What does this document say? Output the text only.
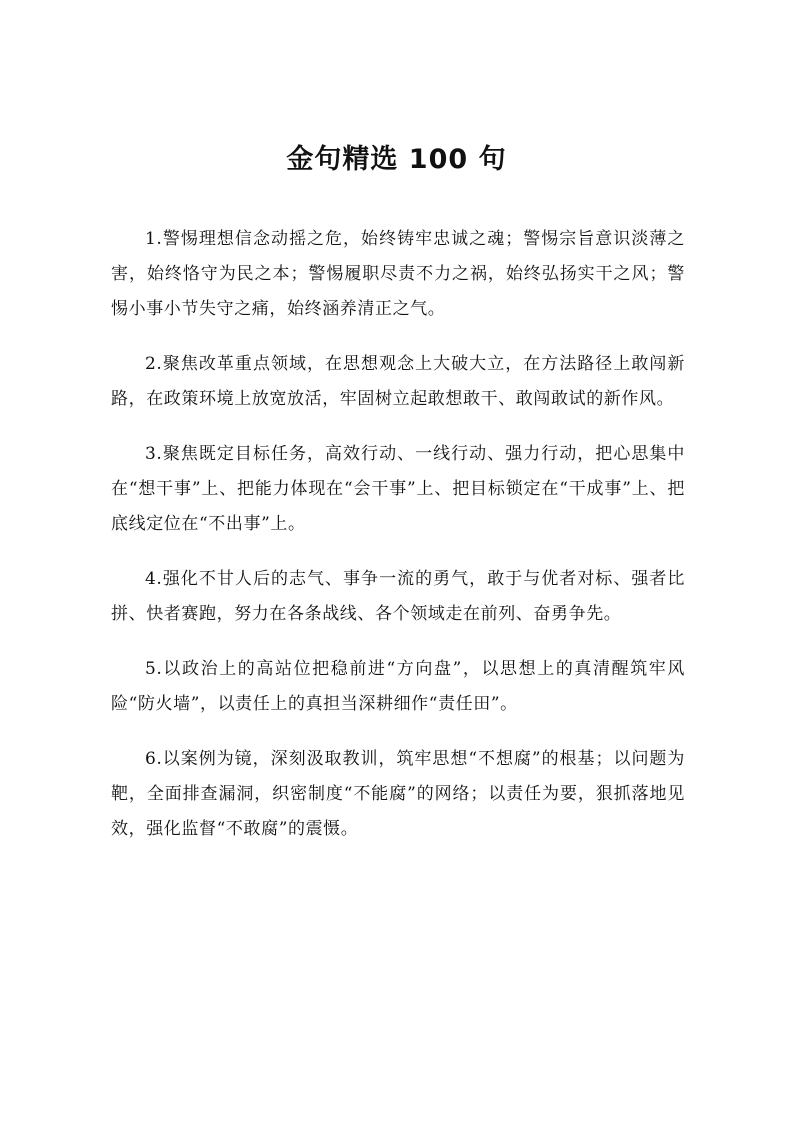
金句精选 100 句

1.警惕理想信念动摇之危，始终铸牢忠诚之魂；警惕宗旨意识淡薄之害，始终恪守为民之本；警惕履职尽责不力之祸，始终弘扬实干之风；警惕小事小节失守之痛，始终涵养清正之气。

2.聚焦改革重点领域，在思想观念上大破大立，在方法路径上敢闯新路，在政策环境上放宽放活，牢固树立起敢想敢干、敢闯敢试的新作风。

3.聚焦既定目标任务，高效行动、一线行动、强力行动，把心思集中在“想干事”上、把能力体现在“会干事”上、把目标锁定在“干成事”上、把底线定位在“不出事”上。

4.强化不甘人后的志气、事争一流的勇气，敢于与优者对标、强者比拼、快者赛跑，努力在各条战线、各个领域走在前列、奋勇争先。

5.以政治上的高站位把稳前进“方向盘”，以思想上的真清醒筑牢风险“防火墙”，以责任上的真担当深耕细作“责任田”。

6.以案例为镜，深刻汲取教训，筑牢思想“不想腐”的根基；以问题为靶，全面排查漏洞，织密制度“不能腐”的网络；以责任为要，狠抓落地见效，强化监督“不敢腐”的震慑。
